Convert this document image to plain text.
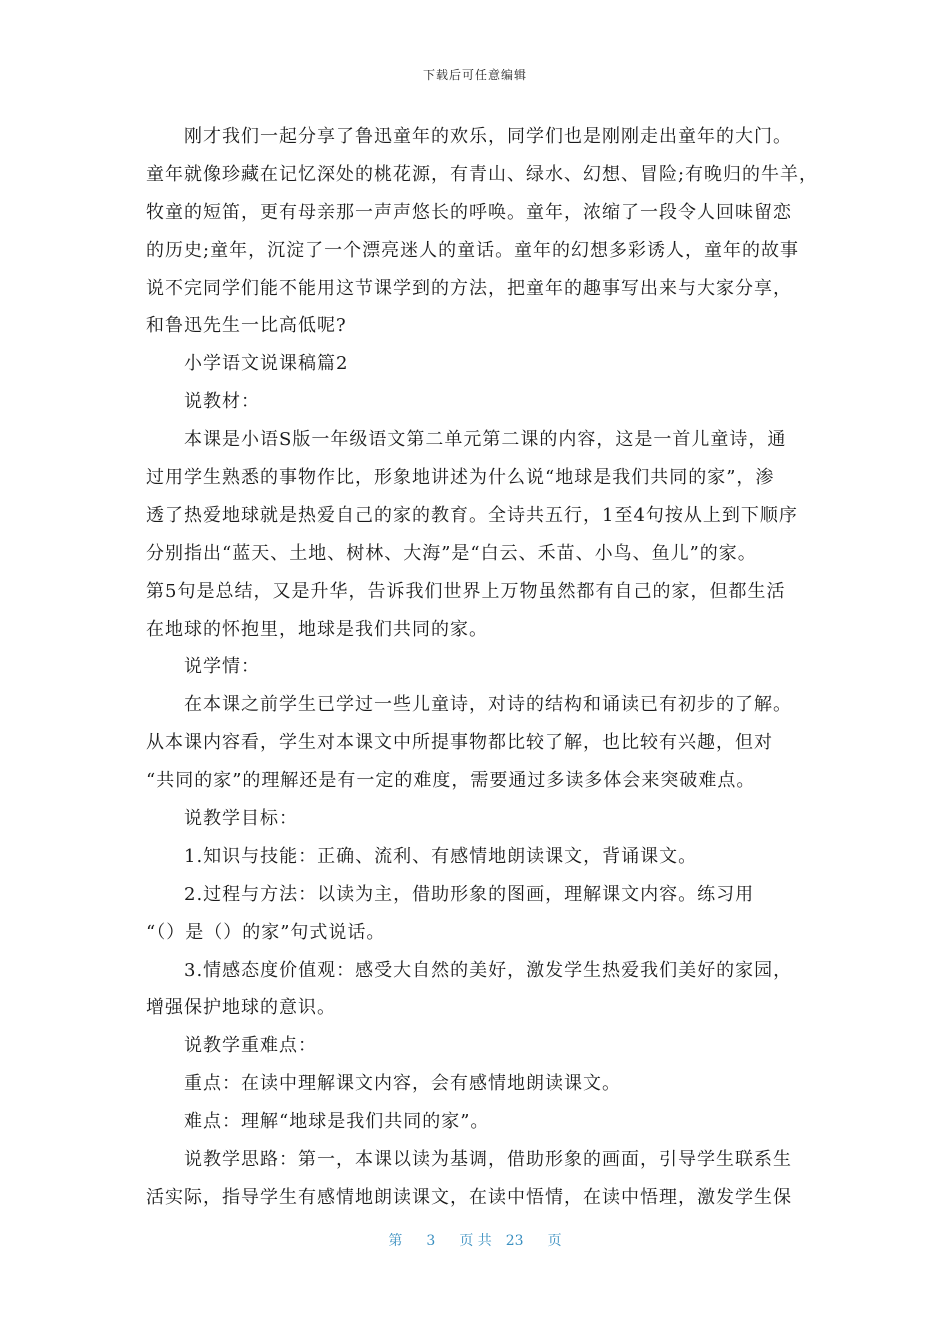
下载后可任意编辑
刚才我们一起分享了鲁迅童年的欢乐，同学们也是刚刚走出童年的大门。
童年就像珍藏在记忆深处的桃花源，有青山、绿水、幻想、冒险;有晚归的牛羊，
牧童的短笛，更有母亲那一声声悠长的呼唤。童年，浓缩了一段令人回味留恋
的历史;童年，沉淀了一个漂亮迷人的童话。童年的幻想多彩诱人，童年的故事
说不完同学们能不能用这节课学到的方法，把童年的趣事写出来与大家分享，
和鲁迅先生一比高低呢?
小学语文说课稿篇2
说教材：
本课是小语S版一年级语文第二单元第二课的内容，这是一首儿童诗，通
过用学生熟悉的事物作比，形象地讲述为什么说“地球是我们共同的家”，渗
透了热爱地球就是热爱自己的家的教育。全诗共五行，1至4句按从上到下顺序
分别指出“蓝天、土地、树林、大海”是“白云、禾苗、小鸟、鱼儿”的家。
第5句是总结，又是升华，告诉我们世界上万物虽然都有自己的家，但都生活
在地球的怀抱里，地球是我们共同的家。
说学情：
在本课之前学生已学过一些儿童诗，对诗的结构和诵读已有初步的了解。
从本课内容看，学生对本课文中所提事物都比较了解，也比较有兴趣，但对
“共同的家”的理解还是有一定的难度，需要通过多读多体会来突破难点。
说教学目标：
1.知识与技能：正确、流利、有感情地朗读课文，背诵课文。
2.过程与方法：以读为主，借助形象的图画，理解课文内容。练习用
“（）是（）的家”句式说话。
3.情感态度价值观：感受大自然的美好，激发学生热爱我们美好的家园，
增强保护地球的意识。
说教学重难点：
重点：在读中理解课文内容，会有感情地朗读课文。
难点：理解“地球是我们共同的家”。
说教学思路：第一，本课以读为基调，借助形象的画面，引导学生联系生
活实际，指导学生有感情地朗读课文，在读中悟情，在读中悟理，激发学生保
第 3 页 共 23 页
